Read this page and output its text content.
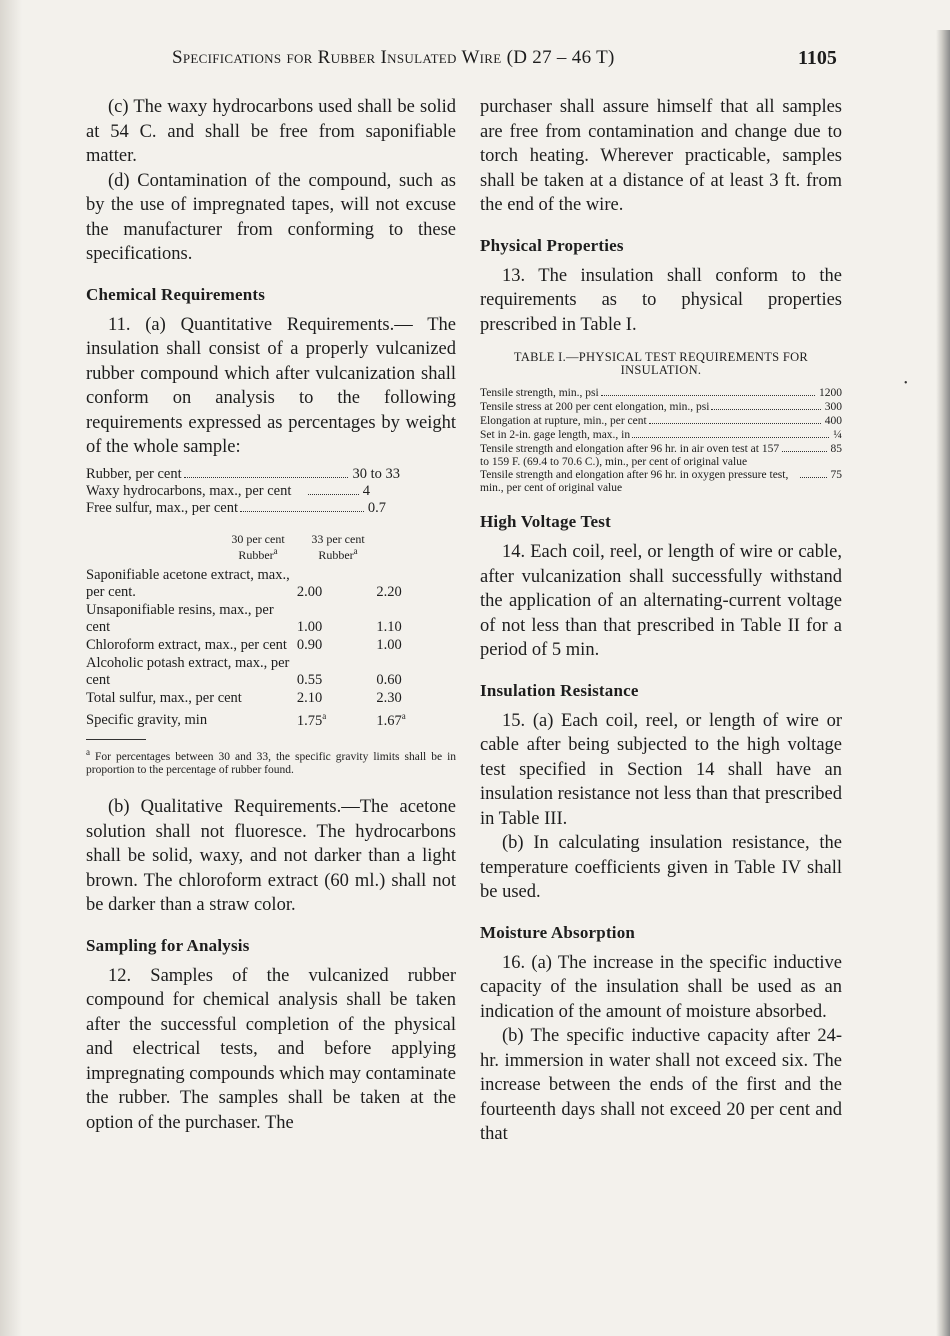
Specifications for Rubber Insulated Wire (D 27 – 46 T)	1105

(c) The waxy hydrocarbons used shall be solid at 54 C. and shall be free from saponifiable matter.

(d) Contamination of the compound, such as by the use of impregnated tapes, will not excuse the manufacturer from conforming to these specifications.

Chemical Requirements

11. (a) Quantitative Requirements.— The insulation shall consist of a properly vulcanized rubber compound which after vulcanization shall conform on analysis to the following requirements expressed as percentages by weight of the whole sample:

Rubber, per cent	30 to 33
Waxy hydrocarbons, max., per cent	4
Free sulfur, max., per cent	0.7
30 per cent Rubber$^a$
33 per cent Rubber$^a$
Saponifiable acetone extract, max., per cent.	2.00	2.20
Unsaponifiable resins, max., per cent	1.00	1.10
Chloroform extract, max., per cent 0.90	1.00
Alcoholic potash extract, max., per cent	0.55	0.60
Total sulfur, max., per cent	2.10	2.30
Specific gravity, min	1.75$^a$	1.67$^a$
$^a$ For percentages between 30 and 33, the specific gravity limits shall be in proportion to the percentage of rubber found.

(b) Qualitative Requirements.—The acetone solution shall not fluoresce. The hydrocarbons shall be solid, waxy, and not darker than a light brown. The chloroform extract (60 ml.) shall not be darker than a straw color.

Sampling for Analysis

12. Samples of the vulcanized rubber compound for chemical analysis shall be taken after the successful completion of the physical and electrical tests, and before applying impregnating compounds which may contaminate the rubber. The samples shall be taken at the option of the purchaser. The

purchaser shall assure himself that all samples are free from contamination and change due to torch heating. Wherever practicable, samples shall be taken at a distance of at least 3 ft. from the end of the wire.

Physical Properties

13. The insulation shall conform to the requirements as to physical properties prescribed in Table I.

TABLE I.—PHYSICAL TEST REQUIREMENTS FOR INSULATION.
Tensile strength, min., psi	1200
Tensile stress at 200 per cent elongation, min., psi	300
Elongation at rupture, min., per cent	400
Set in 2-in. gage length, max., in	¼
Tensile strength and elongation after 96 hr. in air oven test at 157 to 159 F. (69.4 to 70.6 C.), min., per cent of original value
85
Tensile strength and elongation after 96 hr. in oxygen pressure test, min., per cent of original value
75
High Voltage Test

14. Each coil, reel, or length of wire or cable, after vulcanization shall successfully withstand the application of an alternating-current voltage of not less than that prescribed in Table II for a period of 5 min.

Insulation Resistance

15. (a) Each coil, reel, or length of wire or cable after being subjected to the high voltage test specified in Section 14 shall have an insulation resistance not less than that prescribed in Table III.

(b) In calculating insulation resistance, the temperature coefficients given in Table IV shall be used.

Moisture Absorption

16. (a) The increase in the specific inductive capacity of the insulation shall be used as an indication of the amount of moisture absorbed.

(b) The specific inductive capacity after 24-hr. immersion in water shall not exceed six. The increase between the ends of the first and the fourteenth days shall not exceed 20 per cent and that

•
